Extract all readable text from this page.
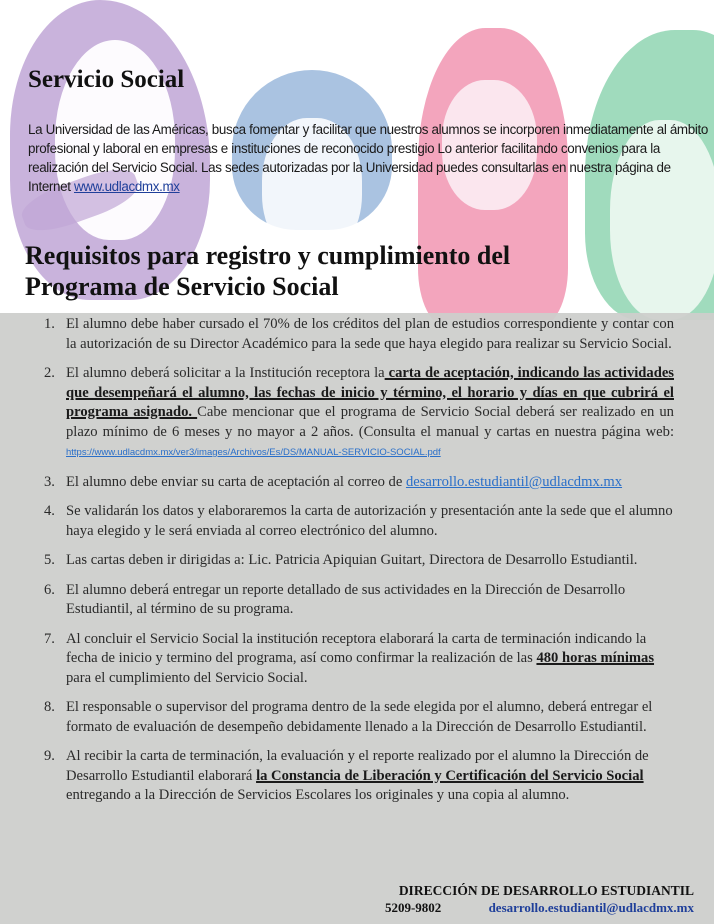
Servicio Social

La Universidad de las Américas, busca fomentar y facilitar que nuestros alumnos se incorporen inmediatamente al ámbito profesional y laboral en empresas e instituciones de reconocido prestigio Lo anterior facilitando convenios para la realización del Servicio Social. Las sedes autorizadas por la Universidad puedes consultarlas en nuestra página de Internet www.udlacdmx.mx

Requisitos para registro y cumplimiento del
Programa de Servicio Social
1. El alumno debe haber cursado el 70% de los créditos del plan de estudios correspondiente y contar con la autorización de su Director Académico para la sede que haya elegido para realizar su Servicio Social.
2. El alumno deberá solicitar a la Institución receptora la carta de aceptación, indicando las actividades que desempeñará el alumno, las fechas de inicio y término, el horario y días en que cubrirá el programa asignado. Cabe mencionar que el programa de Servicio Social deberá ser realizado en un plazo mínimo de 6 meses y no mayor a 2 años. (Consulta el manual y cartas en nuestra página web: https://www.udlacdmx.mx/ver3/images/Archivos/Es/DS/MANUAL-SERVICIO-SOCIAL.pdf
3. El alumno debe enviar su carta de aceptación al correo de desarrollo.estudiantil@udlacdmx.mx
4. Se validarán los datos y elaboraremos la carta de autorización y presentación ante la sede que el alumno haya elegido y le será enviada al correo electrónico del alumno.
5. Las cartas deben ir dirigidas a: Lic. Patricia Apiquian Guitart, Directora de Desarrollo Estudiantil.
6. El alumno deberá entregar un reporte detallado de sus actividades en la Dirección de Desarrollo Estudiantil, al término de su programa.
7. Al concluir el Servicio Social la institución receptora elaborará la carta de terminación indicando la fecha de inicio y termino del programa, así como confirmar la realización de las 480 horas mínimas para el cumplimiento del Servicio Social.
8. El responsable o supervisor del programa dentro de la sede elegida por el alumno, deberá entregar el formato de evaluación de desempeño debidamente llenado a la Dirección de Desarrollo Estudiantil.
9. Al recibir la carta de terminación, la evaluación y el reporte realizado por el alumno la Dirección de Desarrollo Estudiantil elaborará la Constancia de Liberación y Certificación del Servicio Social entregando a la Dirección de Servicios Escolares los originales y una copia al alumno.
DIRECCIÓN DE DESARROLLO ESTUDIANTIL
5209-9802	desarrollo.estudiantil@udlacdmx.mx
